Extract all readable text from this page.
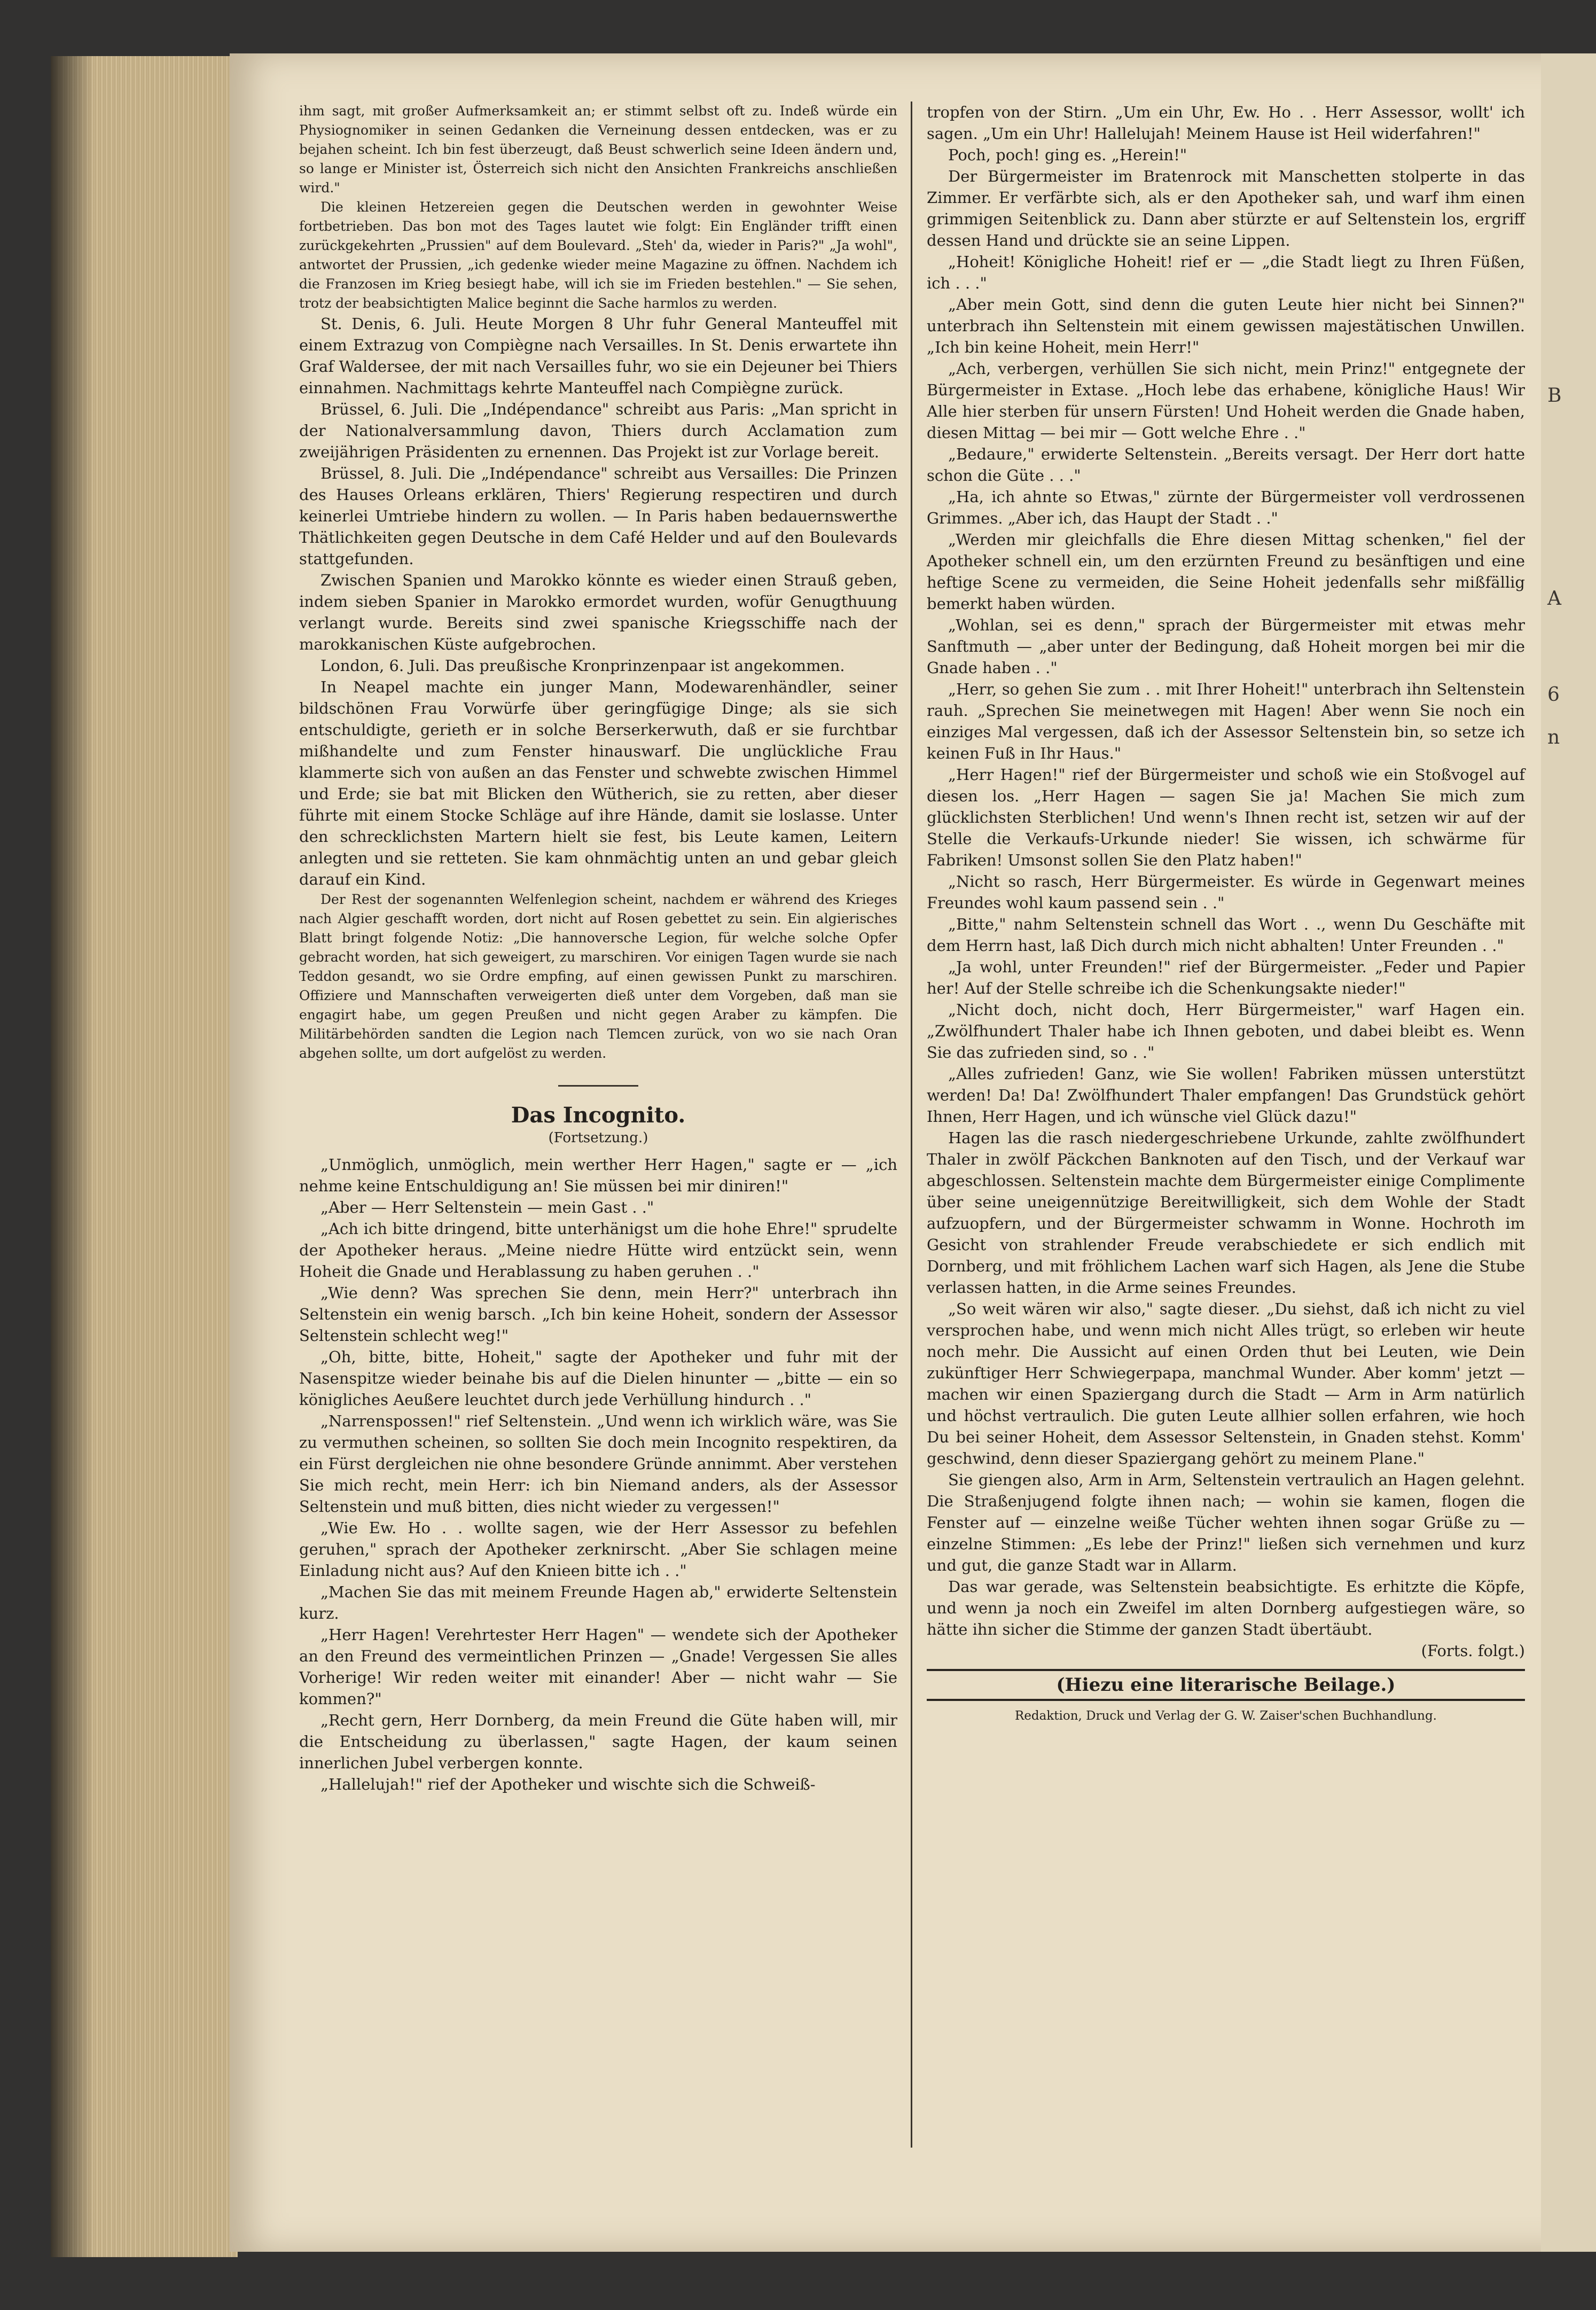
B
A
6
n

ihm sagt, mit großer Aufmerksamkeit an; er stimmt selbst oft zu. Indeß würde ein Physiognomiker in seinen Gedanken die Verneinung dessen entdecken, was er zu bejahen scheint. Ich bin fest überzeugt, daß Beust schwerlich seine Ideen ändern und, so lange er Minister ist, Österreich sich nicht den Ansichten Frankreichs anschließen wird."

Die kleinen Hetzereien gegen die Deutschen werden in gewohnter Weise fortbetrieben. Das bon mot des Tages lautet wie folgt: Ein Engländer trifft einen zurückgekehrten „Prussien" auf dem Boulevard. „Steh' da, wieder in Paris?" „Ja wohl", antwortet der Prussien, „ich gedenke wieder meine Magazine zu öffnen. Nachdem ich die Franzosen im Krieg besiegt habe, will ich sie im Frieden bestehlen." — Sie sehen, trotz der beabsichtigten Malice beginnt die Sache harmlos zu werden.

St. Denis, 6. Juli. Heute Morgen 8 Uhr fuhr General Manteuffel mit einem Extrazug von Compiègne nach Versailles. In St. Denis erwartete ihn Graf Waldersee, der mit nach Versailles fuhr, wo sie ein Dejeuner bei Thiers einnahmen. Nachmittags kehrte Manteuffel nach Compiègne zurück.

Brüssel, 6. Juli. Die „Indépendance" schreibt aus Paris: „Man spricht in der Nationalversammlung davon, Thiers durch Acclamation zum zweijährigen Präsidenten zu ernennen. Das Projekt ist zur Vorlage bereit.

Brüssel, 8. Juli. Die „Indépendance" schreibt aus Versailles: Die Prinzen des Hauses Orleans erklären, Thiers' Regierung respectiren und durch keinerlei Umtriebe hindern zu wollen. — In Paris haben bedauernswerthe Thätlichkeiten gegen Deutsche in dem Café Helder und auf den Boulevards stattgefunden.

Zwischen Spanien und Marokko könnte es wieder einen Strauß geben, indem sieben Spanier in Marokko ermordet wurden, wofür Genugthuung verlangt wurde. Bereits sind zwei spanische Kriegsschiffe nach der marokkanischen Küste aufgebrochen.

London, 6. Juli. Das preußische Kronprinzenpaar ist angekommen.

In Neapel machte ein junger Mann, Modewarenhändler, seiner bildschönen Frau Vorwürfe über geringfügige Dinge; als sie sich entschuldigte, gerieth er in solche Berserkerwuth, daß er sie furchtbar mißhandelte und zum Fenster hinauswarf. Die unglückliche Frau klammerte sich von außen an das Fenster und schwebte zwischen Himmel und Erde; sie bat mit Blicken den Wütherich, sie zu retten, aber dieser führte mit einem Stocke Schläge auf ihre Hände, damit sie loslasse. Unter den schrecklichsten Martern hielt sie fest, bis Leute kamen, Leitern anlegten und sie retteten. Sie kam ohnmächtig unten an und gebar gleich darauf ein Kind.

Der Rest der sogenannten Welfenlegion scheint, nachdem er während des Krieges nach Algier geschafft worden, dort nicht auf Rosen gebettet zu sein. Ein algierisches Blatt bringt folgende Notiz: „Die hannoversche Legion, für welche solche Opfer gebracht worden, hat sich geweigert, zu marschiren. Vor einigen Tagen wurde sie nach Teddon gesandt, wo sie Ordre empfing, auf einen gewissen Punkt zu marschiren. Offiziere und Mannschaften verweigerten dieß unter dem Vorgeben, daß man sie engagirt habe, um gegen Preußen und nicht gegen Araber zu kämpfen. Die Militärbehörden sandten die Legion nach Tlemcen zurück, von wo sie nach Oran abgehen sollte, um dort aufgelöst zu werden.

Das Incognito.
(Fortsetzung.)

„Unmöglich, unmöglich, mein werther Herr Hagen," sagte er — „ich nehme keine Entschuldigung an! Sie müssen bei mir diniren!"

„Aber — Herr Seltenstein — mein Gast . ."

„Ach ich bitte dringend, bitte unterhänigst um die hohe Ehre!" sprudelte der Apotheker heraus. „Meine niedre Hütte wird entzückt sein, wenn Hoheit die Gnade und Herablassung zu haben geruhen . ."

„Wie denn? Was sprechen Sie denn, mein Herr?" unterbrach ihn Seltenstein ein wenig barsch. „Ich bin keine Hoheit, sondern der Assessor Seltenstein schlecht weg!"

„Oh, bitte, bitte, Hoheit," sagte der Apotheker und fuhr mit der Nasenspitze wieder beinahe bis auf die Dielen hinunter — „bitte — ein so königliches Aeußere leuchtet durch jede Verhüllung hindurch . ."

„Narrenspossen!" rief Seltenstein. „Und wenn ich wirklich wäre, was Sie zu vermuthen scheinen, so sollten Sie doch mein Incognito respektiren, da ein Fürst dergleichen nie ohne besondere Gründe annimmt. Aber verstehen Sie mich recht, mein Herr: ich bin Niemand anders, als der Assessor Seltenstein und muß bitten, dies nicht wieder zu vergessen!"

„Wie Ew. Ho . . wollte sagen, wie der Herr Assessor zu befehlen geruhen," sprach der Apotheker zerknirscht. „Aber Sie schlagen meine Einladung nicht aus? Auf den Knieen bitte ich . ."

„Machen Sie das mit meinem Freunde Hagen ab," erwiderte Seltenstein kurz.

„Herr Hagen! Verehrtester Herr Hagen" — wendete sich der Apotheker an den Freund des vermeintlichen Prinzen — „Gnade! Vergessen Sie alles Vorherige! Wir reden weiter mit einander! Aber — nicht wahr — Sie kommen?"

„Recht gern, Herr Dornberg, da mein Freund die Güte haben will, mir die Entscheidung zu überlassen," sagte Hagen, der kaum seinen innerlichen Jubel verbergen konnte.

„Hallelujah!" rief der Apotheker und wischte sich die Schweiß-

tropfen von der Stirn. „Um ein Uhr, Ew. Ho . . Herr Assessor, wollt' ich sagen. „Um ein Uhr! Hallelujah! Meinem Hause ist Heil widerfahren!"

Poch, poch! ging es. „Herein!"

Der Bürgermeister im Bratenrock mit Manschetten stolperte in das Zimmer. Er verfärbte sich, als er den Apotheker sah, und warf ihm einen grimmigen Seitenblick zu. Dann aber stürzte er auf Seltenstein los, ergriff dessen Hand und drückte sie an seine Lippen.

„Hoheit! Königliche Hoheit! rief er — „die Stadt liegt zu Ihren Füßen, ich . . ."

„Aber mein Gott, sind denn die guten Leute hier nicht bei Sinnen?" unterbrach ihn Seltenstein mit einem gewissen majestätischen Unwillen. „Ich bin keine Hoheit, mein Herr!"

„Ach, verbergen, verhüllen Sie sich nicht, mein Prinz!" entgegnete der Bürgermeister in Extase. „Hoch lebe das erhabene, königliche Haus! Wir Alle hier sterben für unsern Fürsten! Und Hoheit werden die Gnade haben, diesen Mittag — bei mir — Gott welche Ehre . ."

„Bedaure," erwiderte Seltenstein. „Bereits versagt. Der Herr dort hatte schon die Güte . . ."

„Ha, ich ahnte so Etwas," zürnte der Bürgermeister voll verdrossenen Grimmes. „Aber ich, das Haupt der Stadt . ."

„Werden mir gleichfalls die Ehre diesen Mittag schenken," fiel der Apotheker schnell ein, um den erzürnten Freund zu besänftigen und eine heftige Scene zu vermeiden, die Seine Hoheit jedenfalls sehr mißfällig bemerkt haben würden.

„Wohlan, sei es denn," sprach der Bürgermeister mit etwas mehr Sanftmuth — „aber unter der Bedingung, daß Hoheit morgen bei mir die Gnade haben . ."

„Herr, so gehen Sie zum . . mit Ihrer Hoheit!" unterbrach ihn Seltenstein rauh. „Sprechen Sie meinetwegen mit Hagen! Aber wenn Sie noch ein einziges Mal vergessen, daß ich der Assessor Seltenstein bin, so setze ich keinen Fuß in Ihr Haus."

„Herr Hagen!" rief der Bürgermeister und schoß wie ein Stoßvogel auf diesen los. „Herr Hagen — sagen Sie ja! Machen Sie mich zum glücklichsten Sterblichen! Und wenn's Ihnen recht ist, setzen wir auf der Stelle die Verkaufs-Urkunde nieder! Sie wissen, ich schwärme für Fabriken! Umsonst sollen Sie den Platz haben!"

„Nicht so rasch, Herr Bürgermeister. Es würde in Gegenwart meines Freundes wohl kaum passend sein . ."

„Bitte," nahm Seltenstein schnell das Wort . ., wenn Du Geschäfte mit dem Herrn hast, laß Dich durch mich nicht abhalten! Unter Freunden . ."

„Ja wohl, unter Freunden!" rief der Bürgermeister. „Feder und Papier her! Auf der Stelle schreibe ich die Schenkungsakte nieder!"

„Nicht doch, nicht doch, Herr Bürgermeister," warf Hagen ein. „Zwölfhundert Thaler habe ich Ihnen geboten, und dabei bleibt es. Wenn Sie das zufrieden sind, so . ."

„Alles zufrieden! Ganz, wie Sie wollen! Fabriken müssen unterstützt werden! Da! Da! Zwölfhundert Thaler empfangen! Das Grundstück gehört Ihnen, Herr Hagen, und ich wünsche viel Glück dazu!"

Hagen las die rasch niedergeschriebene Urkunde, zahlte zwölfhundert Thaler in zwölf Päckchen Banknoten auf den Tisch, und der Verkauf war abgeschlossen. Seltenstein machte dem Bürgermeister einige Complimente über seine uneigennützige Bereitwilligkeit, sich dem Wohle der Stadt aufzuopfern, und der Bürgermeister schwamm in Wonne. Hochroth im Gesicht von strahlender Freude verabschiedete er sich endlich mit Dornberg, und mit fröhlichem Lachen warf sich Hagen, als Jene die Stube verlassen hatten, in die Arme seines Freundes.

„So weit wären wir also," sagte dieser. „Du siehst, daß ich nicht zu viel versprochen habe, und wenn mich nicht Alles trügt, so erleben wir heute noch mehr. Die Aussicht auf einen Orden thut bei Leuten, wie Dein zukünftiger Herr Schwiegerpapa, manchmal Wunder. Aber komm' jetzt — machen wir einen Spaziergang durch die Stadt — Arm in Arm natürlich und höchst vertraulich. Die guten Leute allhier sollen erfahren, wie hoch Du bei seiner Hoheit, dem Assessor Seltenstein, in Gnaden stehst. Komm' geschwind, denn dieser Spaziergang gehört zu meinem Plane."

Sie giengen also, Arm in Arm, Seltenstein vertraulich an Hagen gelehnt. Die Straßenjugend folgte ihnen nach; — wohin sie kamen, flogen die Fenster auf — einzelne weiße Tücher wehten ihnen sogar Grüße zu — einzelne Stimmen: „Es lebe der Prinz!" ließen sich vernehmen und kurz und gut, die ganze Stadt war in Allarm.

Das war gerade, was Seltenstein beabsichtigte. Es erhitzte die Köpfe, und wenn ja noch ein Zweifel im alten Dornberg aufgestiegen wäre, so hätte ihn sicher die Stimme der ganzen Stadt übertäubt.

(Forts. folgt.)

(Hiezu eine literarische Beilage.)
Redaktion, Druck und Verlag der G. W. Zaiser'schen Buchhandlung.
